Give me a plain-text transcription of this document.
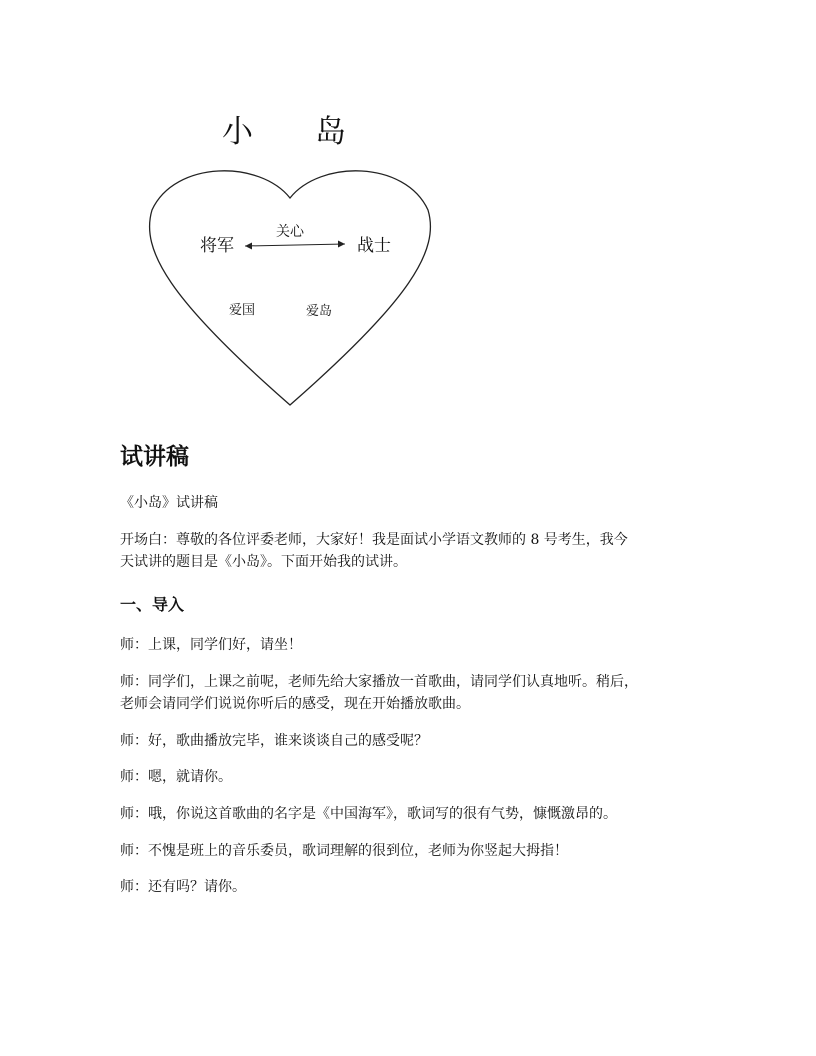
小　　岛
关心
将军	战士
爱国	爱岛
试讲稿

《小岛》试讲稿

开场白：尊敬的各位评委老师，大家好！我是面试小学语文教师的 8 号考生，我今

天试讲的题目是《小岛》。下面开始我的试讲。

一、导入

师：上课，同学们好，请坐！

师：同学们，上课之前呢，老师先给大家播放一首歌曲，请同学们认真地听。稍后，

老师会请同学们说说你听后的感受，现在开始播放歌曲。

师：好，歌曲播放完毕，谁来谈谈自己的感受呢？

师：嗯，就请你。

师：哦，你说这首歌曲的名字是《中国海军》，歌词写的很有气势，慷慨激昂的。

师：不愧是班上的音乐委员，歌词理解的很到位，老师为你竖起大拇指！

师：还有吗？请你。
